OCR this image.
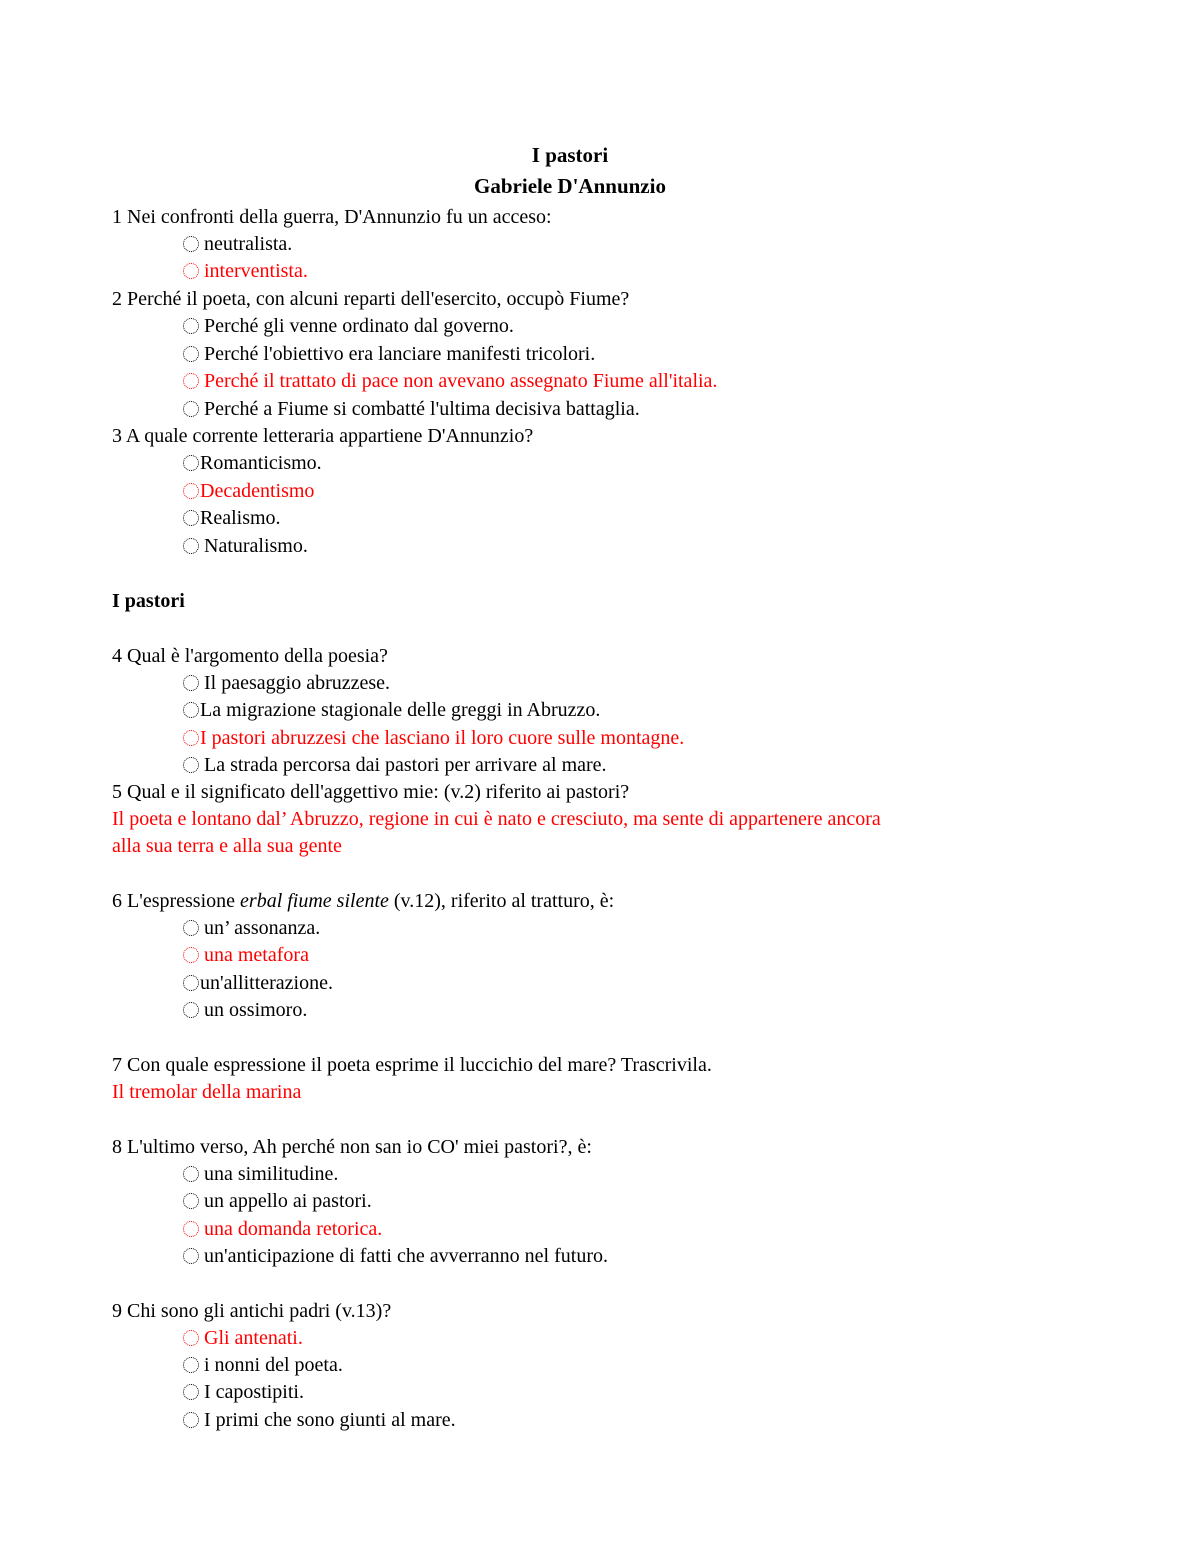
I pastori
Gabriele D'Annunzio
1 Nei confronti della guerra, D'Annunzio fu un acceso:
neutralista.
interventista.
2 Perché il poeta, con alcuni reparti dell'esercito, occupò Fiume?
Perché gli venne ordinato dal governo.
Perché l'obiettivo era lanciare manifesti tricolori.
Perché il trattato di pace non avevano assegnato Fiume all'italia.
Perché a Fiume si combatté l'ultima decisiva battaglia.
3 A quale corrente letteraria appartiene D'Annunzio?
Romanticismo.
Decadentismo
Realismo.
Naturalismo.
I pastori
4 Qual è l'argomento della poesia?
Il paesaggio abruzzese.
La migrazione stagionale delle greggi in Abruzzo.
I pastori abruzzesi che lasciano il loro cuore sulle montagne.
La strada percorsa dai pastori per arrivare al mare.
5 Qual e il significato dell'aggettivo mie: (v.2) riferito ai pastori?
Il poeta e lontano dal’ Abruzzo, regione in cui è nato e cresciuto, ma sente di appartenere ancora
alla sua terra e alla sua gente
6 L'espressione erbal fiume silente (v.12), riferito al tratturo, è:
un’ assonanza.
una metafora
un'allitterazione.
un ossimoro.
7 Con quale espressione il poeta esprime il luccichio del mare? Trascrivila.
Il tremolar della marina
8 L'ultimo verso, Ah perché non san io CO' miei pastori?, è:
una similitudine.
un appello ai pastori.
una domanda retorica.
un'anticipazione di fatti che avverranno nel futuro.
9 Chi sono gli antichi padri (v.13)?
Gli antenati.
i nonni del poeta.
I capostipiti.
I primi che sono giunti al mare.
